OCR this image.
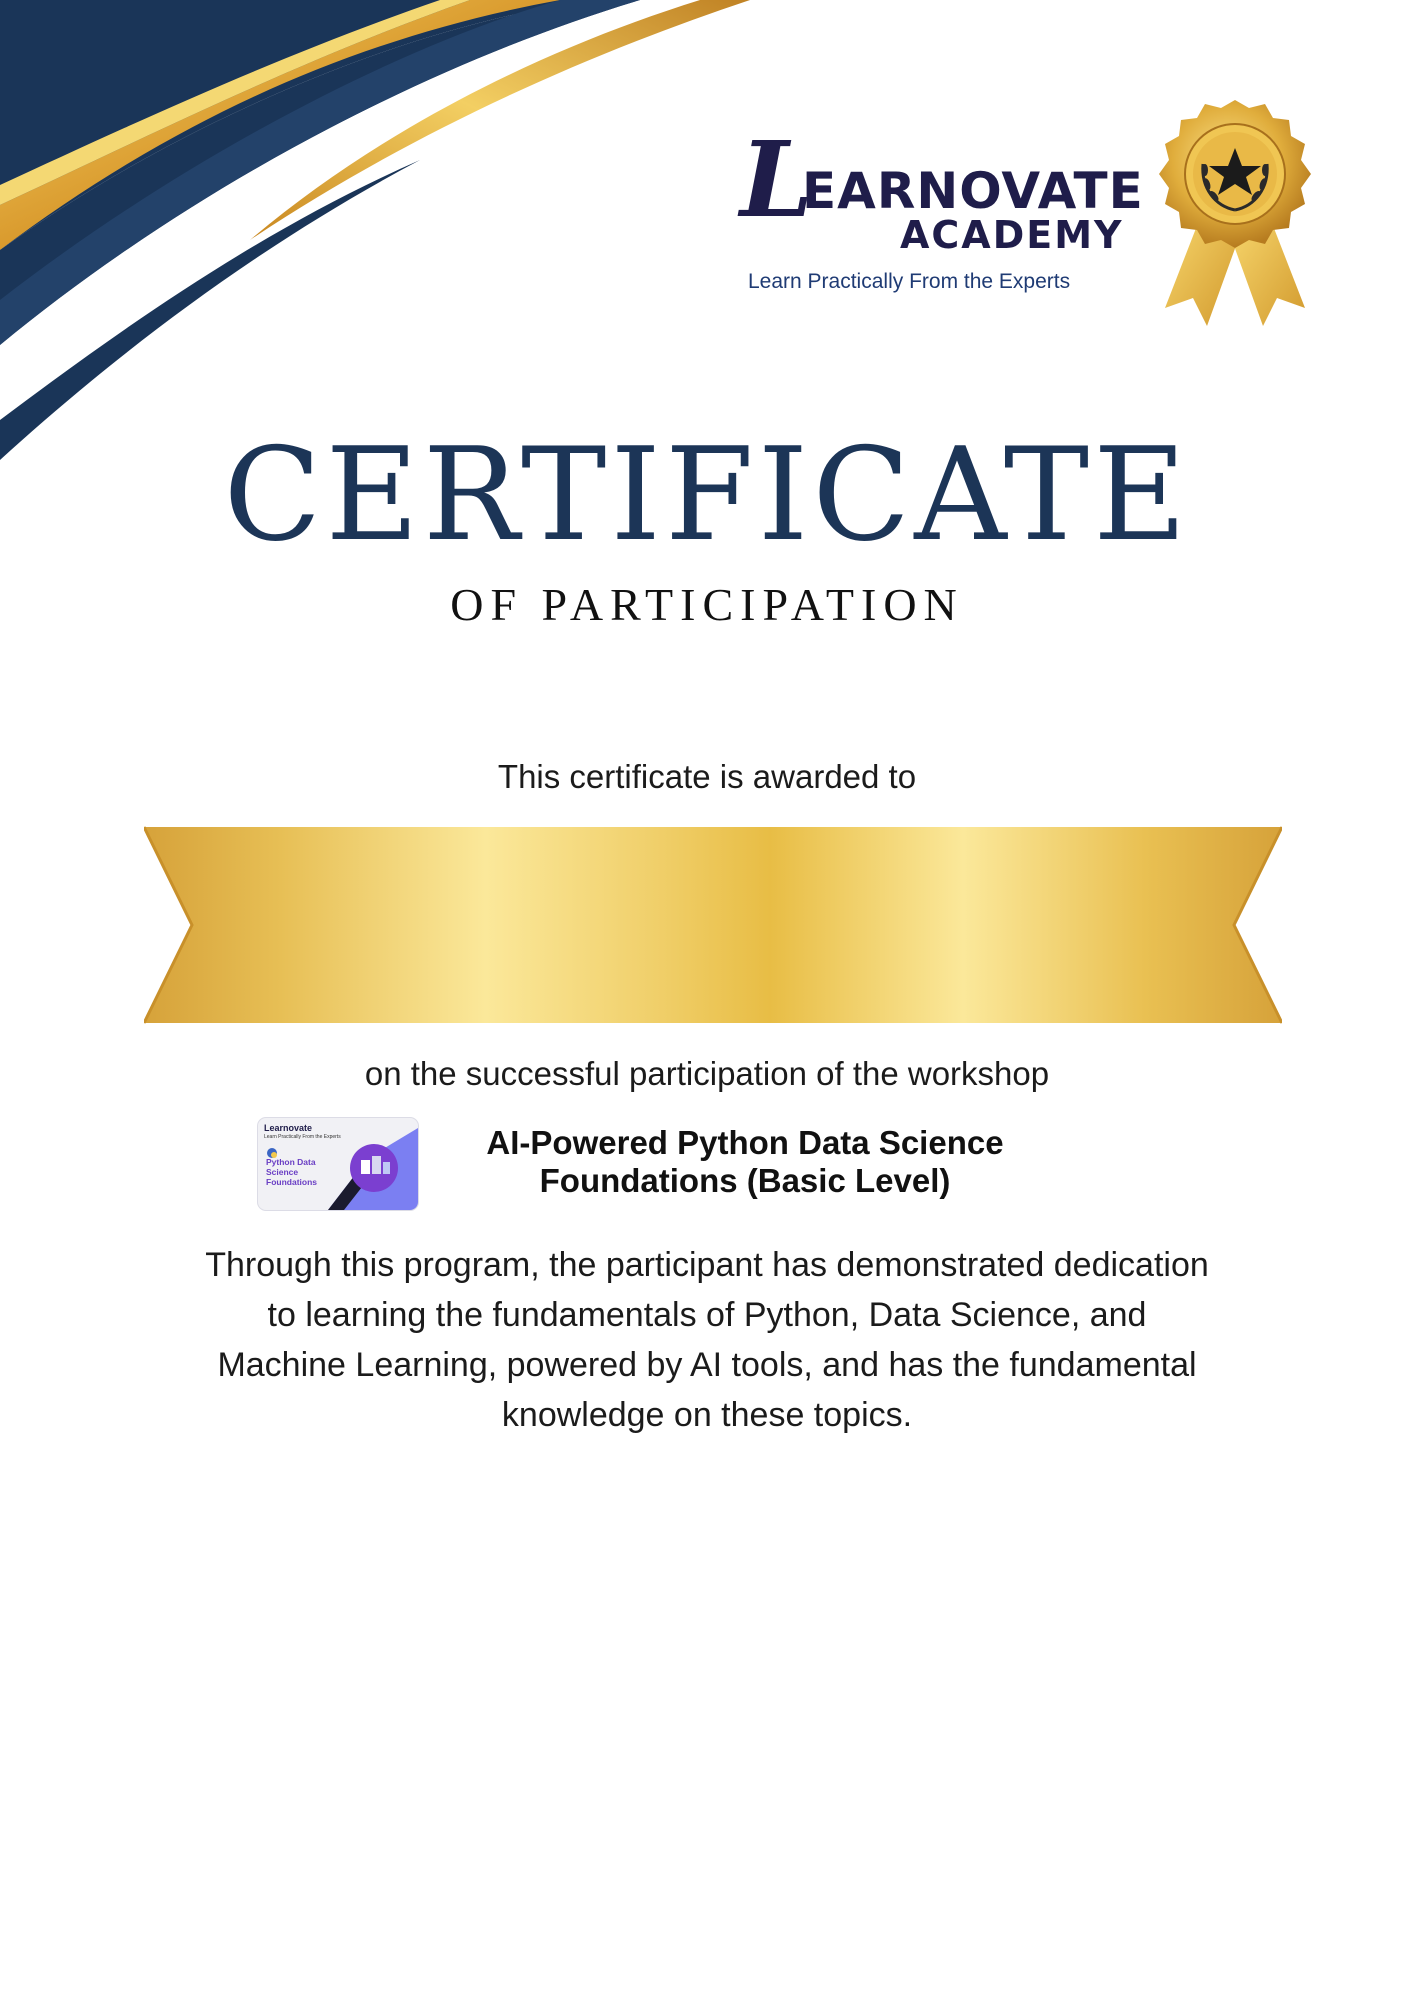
L
EARNOVATE
ACADEMY
Learn Practically From the Experts
CERTIFICATE
OF PARTICIPATION
This certificate is awarded to
on the successful participation of the workshop
Learnovate
Learn Practically From the Experts
Python Data Science Foundations
AI-Powered Python Data Science
Foundations (Basic Level)
Through this program, the participant has demonstrated dedication to learning the fundamentals of Python, Data Science, and Machine Learning, powered by AI tools, and has the fundamental knowledge on these topics.
